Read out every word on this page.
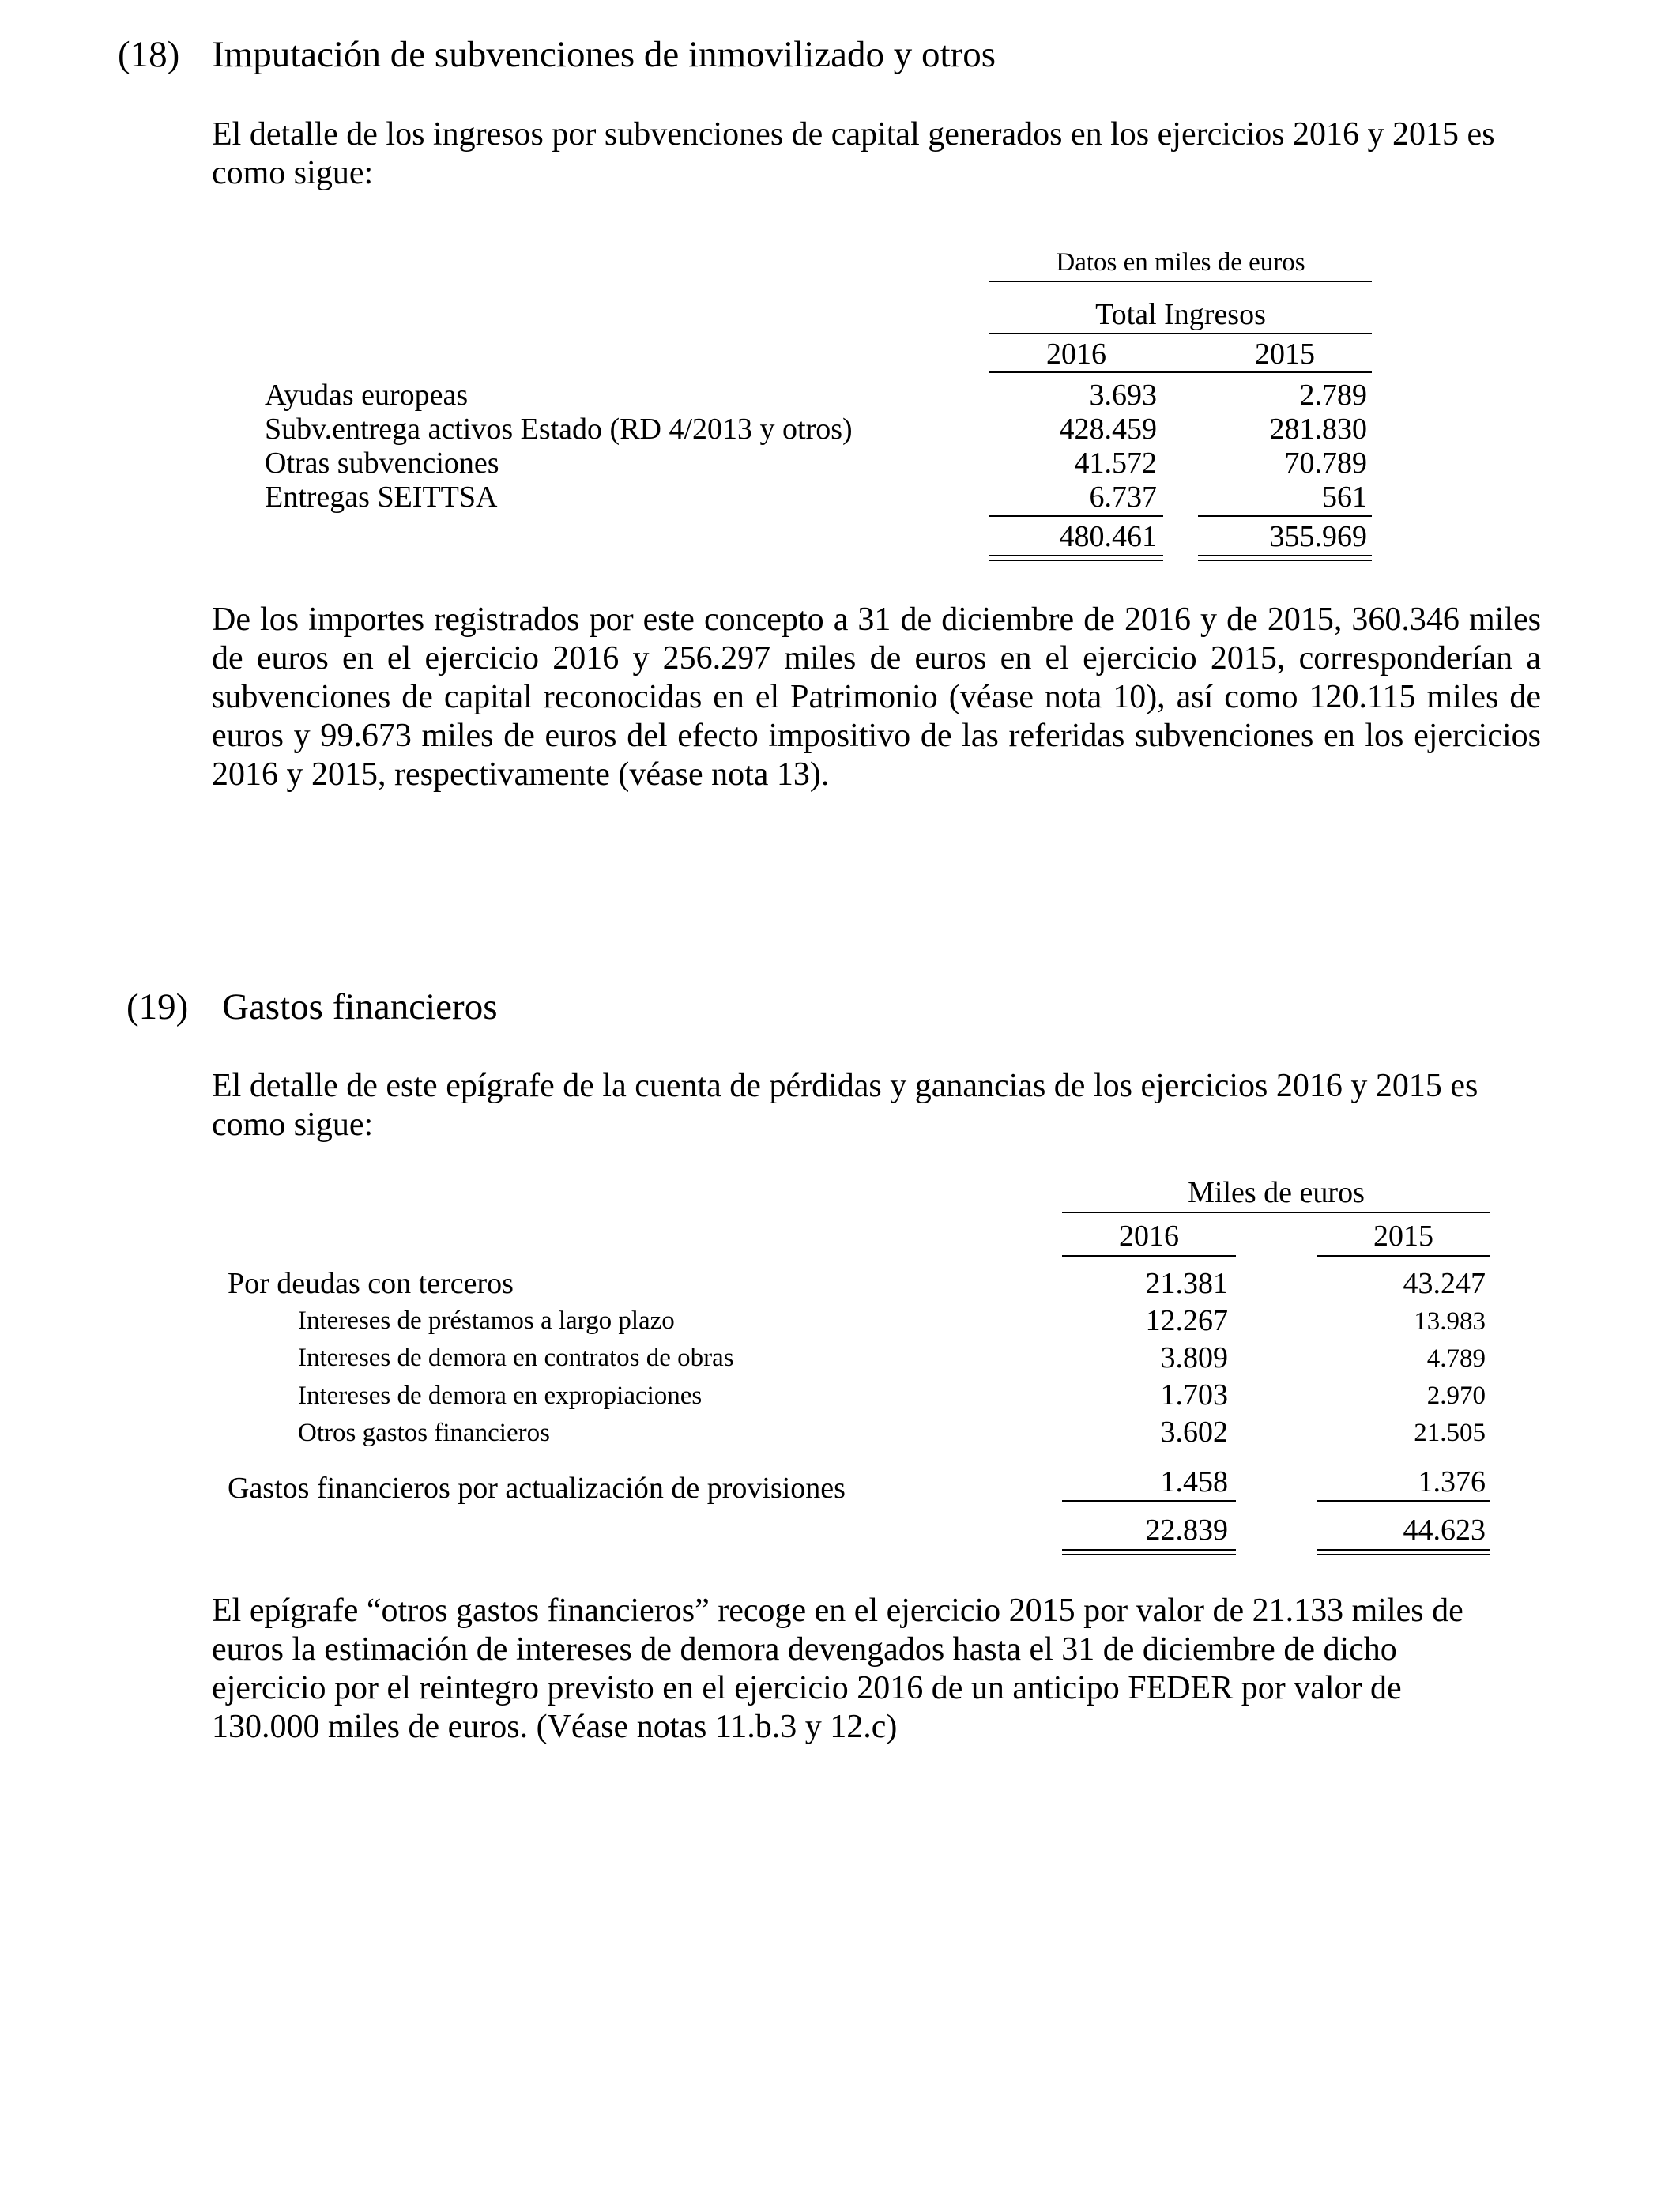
(18) Imputación de subvenciones de inmovilizado y otros
El detalle de los ingresos por subvenciones de capital generados en los ejercicios 2016 y 2015 es como sigue:
Datos en miles de euros
Total Ingresos
2016	2015
Ayudas europeas	3.693	2.789
Subv.entrega activos Estado (RD 4/2013 y otros)	428.459	281.830
Otras subvenciones	41.572	70.789
Entregas SEITTSA	6.737	561
480.461	355.969
De los importes registrados por este concepto a 31 de diciembre de 2016 y de 2015, 360.346 miles de euros en el ejercicio 2016 y 256.297 miles de euros en el ejercicio 2015, corresponderían a subvenciones de capital reconocidas en el Patrimonio (véase nota 10), así como 120.115 miles de euros y 99.673 miles de euros del efecto impositivo de las referidas subvenciones en los ejercicios 2016 y 2015, respectivamente (véase nota 13).
(19) Gastos financieros
El detalle de este epígrafe de la cuenta de pérdidas y ganancias de los ejercicios 2016 y 2015 es como sigue:
Miles de euros
2016	2015
Por deudas con terceros	21.381	43.247
Intereses de préstamos a largo plazo	12.267	13.983
Intereses de demora en contratos de obras	3.809	4.789
Intereses de demora en expropiaciones	1.703	2.970
Otros gastos financieros	3.602	21.505
Gastos financieros por actualización de provisiones	1.458	1.376
22.839	44.623
El epígrafe “otros gastos financieros” recoge en el ejercicio 2015 por valor de 21.133 miles de euros la estimación de intereses de demora devengados hasta el 31 de diciembre de dicho ejercicio por el reintegro previsto en el ejercicio 2016 de un anticipo FEDER por valor de 130.000 miles de euros. (Véase notas 11.b.3 y 12.c)
